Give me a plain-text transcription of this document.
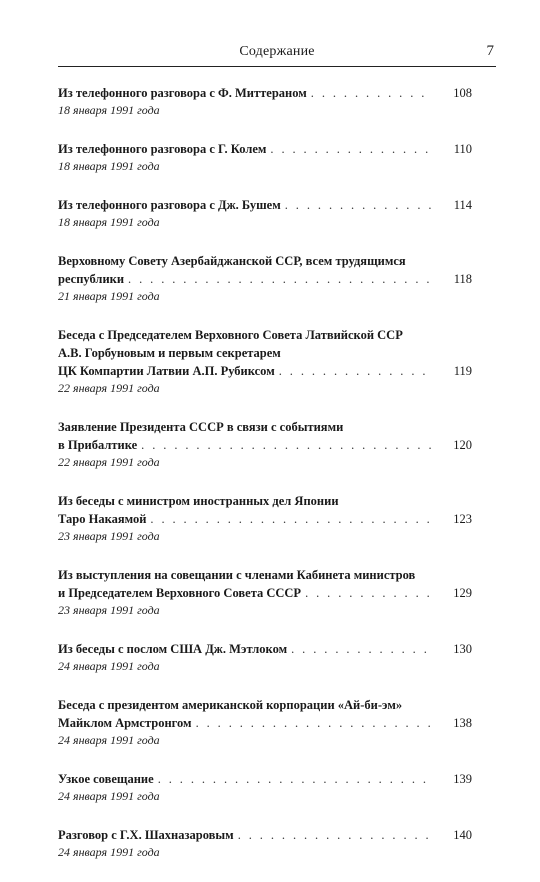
Содержание	7
Из телефонного разговора с Ф. Миттераном . . .	108
18 января 1991 года
Из телефонного разговора с Г. Колем . . .	110
18 января 1991 года
Из телефонного разговора с Дж. Бушем . . .	114
18 января 1991 года
Верховному Совету Азербайджанской ССР, всем трудящимся
республики . . .	118
21 января 1991 года
Беседа с Председателем Верховного Совета Латвийской ССР
А.В. Горбуновым и первым секретарем
ЦК Компартии Латвии А.П. Рубиксом . . .	119
22 января 1991 года
Заявление Президента СССР в связи с событиями
в Прибалтике . . .	120
22 января 1991 года
Из беседы с министром иностранных дел Японии
Таро Накаямой . . .	123
23 января 1991 года
Из выступления на совещании с членами Кабинета министров
и Председателем Верховного Совета СССР . . .	129
23 января 1991 года
Из беседы с послом США Дж. Мэтлоком . . .	130
24 января 1991 года
Беседа с президентом американской корпорации «Ай-би-эм»
Майклом Армстронгом . . .	138
24 января 1991 года
Узкое совещание . . .	139
24 января 1991 года
Разговор с Г.Х. Шахназаровым . . .	140
24 января 1991 года
